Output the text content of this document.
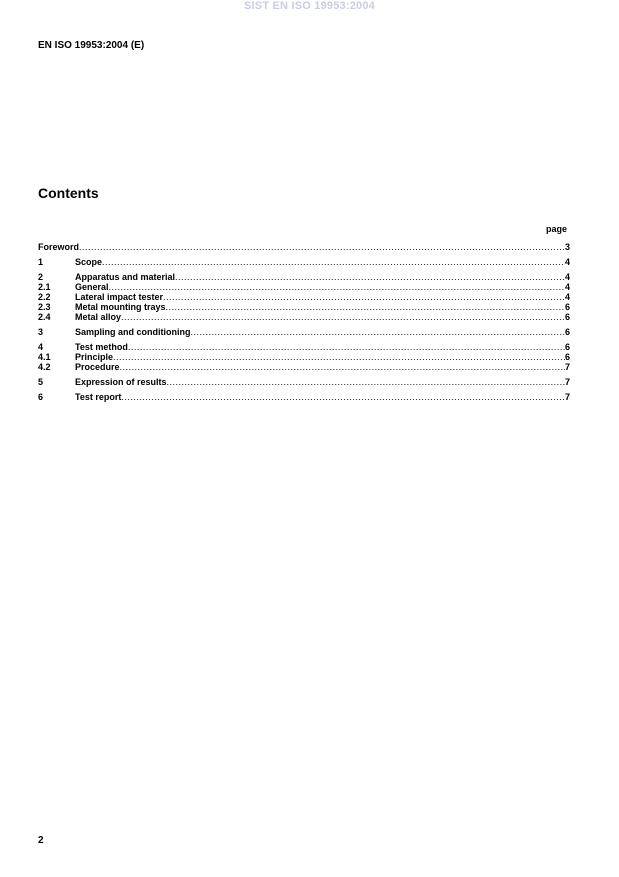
SIST EN ISO 19953:2004
EN ISO 19953:2004 (E)
Contents
page
Foreword .....	3
1	Scope .....	4
2	Apparatus and material .....	4
2.1	General .....	4
2.2	Lateral impact tester .....	4
2.3	Metal mounting trays .....	6
2.4	Metal alloy .....	6
3	Sampling and conditioning .....	6
4	Test method .....	6
4.1	Principle .....	6
4.2	Procedure .....	7
5	Expression of results .....	7
6	Test report .....	7
2
